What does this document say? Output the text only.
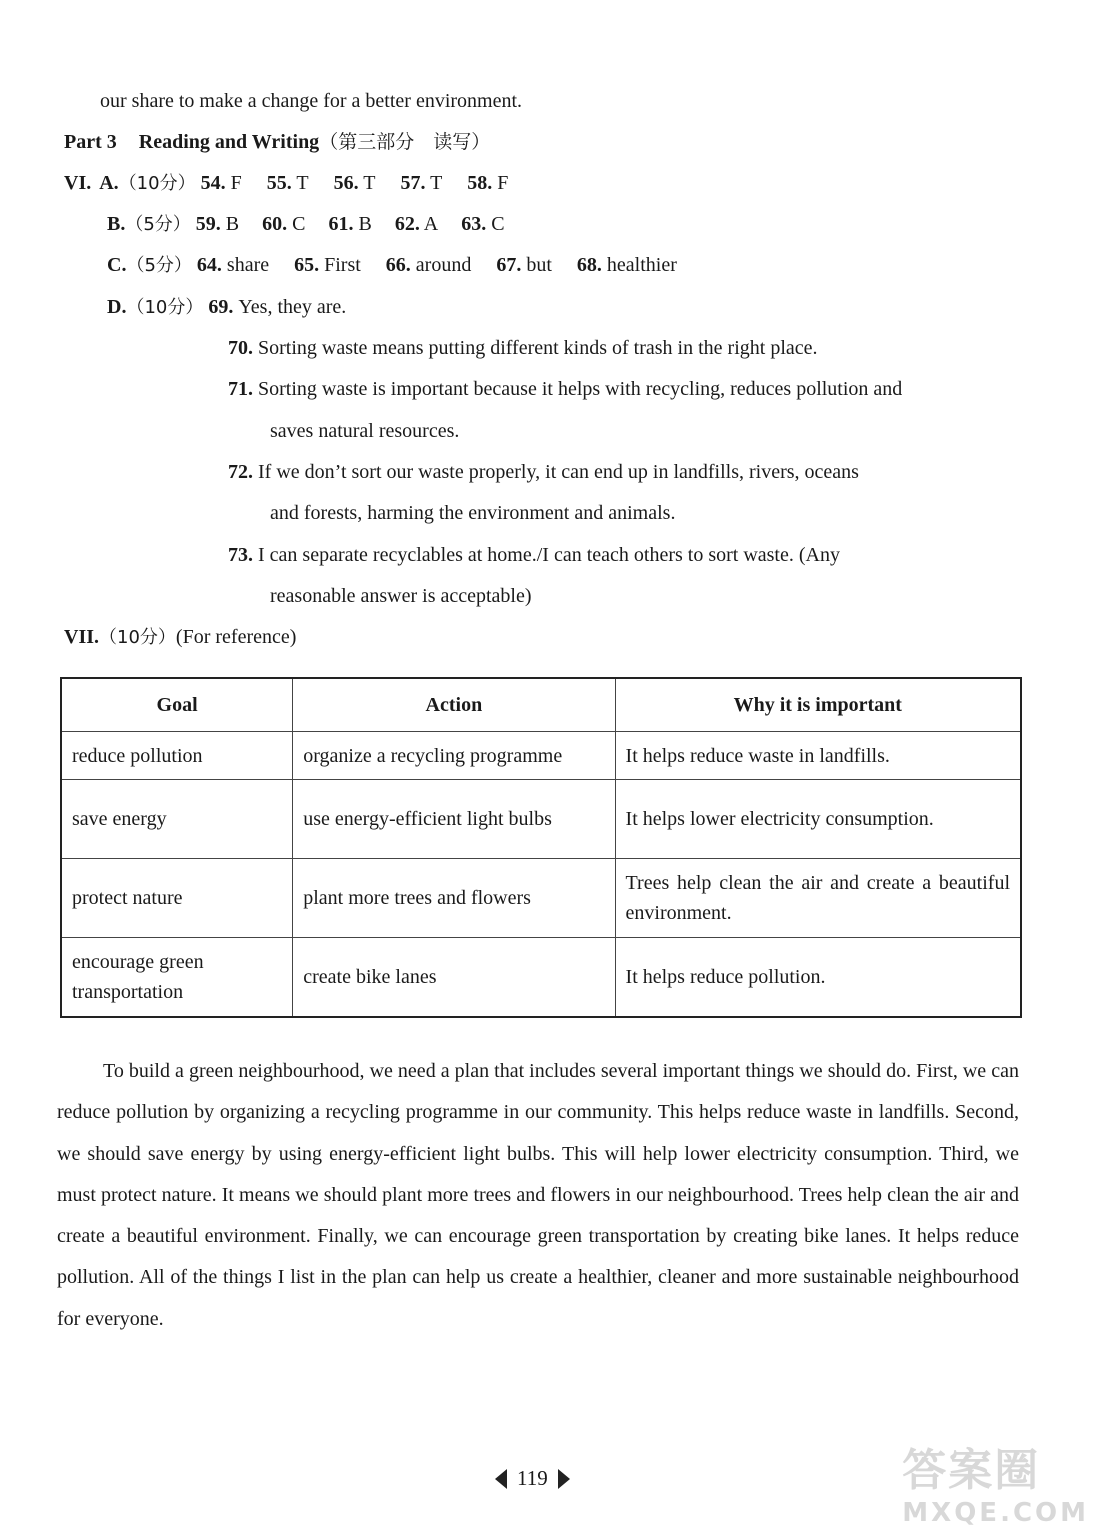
our share to make a change for a better environment.
Part 3 Reading and Writing（第三部分　读写）
VI. A.（10分） 54. F 55. T 56. T 57. T 58. F
B.（5分） 59. B 60. C 61. B 62. A 63. C
C.（5分） 64. share 65. First 66. around 67. but 68. healthier
D.（10分） 69. Yes, they are.
70. Sorting waste means putting different kinds of trash in the right place.
71. Sorting waste is important because it helps with recycling, reduces pollution and
saves natural resources.
72. If we don’t sort our waste properly, it can end up in landfills, rivers, oceans
and forests, harming the environment and animals.
73. I can separate recyclables at home./I can teach others to sort waste. (Any
reasonable answer is acceptable)
VII.（10分）(For reference)
Goal	Action	Why it is important
reduce pollution	organize a recycling programme	It helps reduce waste in landfills.
save energy	use energy-efficient light bulbs	It helps lower electricity consumption.
protect nature	plant more trees and flowers	Trees help clean the air and create a beautiful environment.
encourage green transportation	create bike lanes	It helps reduce pollution.

To build a green neighbourhood, we need a plan that includes several important things we should do. First, we can reduce pollution by organizing a recycling programme in our community. This helps reduce waste in landfills. Second, we should save energy by using energy-efficient light bulbs. This will help lower electricity consumption. Third, we must protect nature. It means we should plant more trees and flowers in our neighbourhood. Trees help clean the air and create a beautiful environment. Finally, we can encourage green transportation by creating bike lanes. It helps reduce pollution. All of the things I list in the plan can help us create a healthier, cleaner and more sustainable neighbourhood for everyone.

119	答案圈
MXQE.COM
